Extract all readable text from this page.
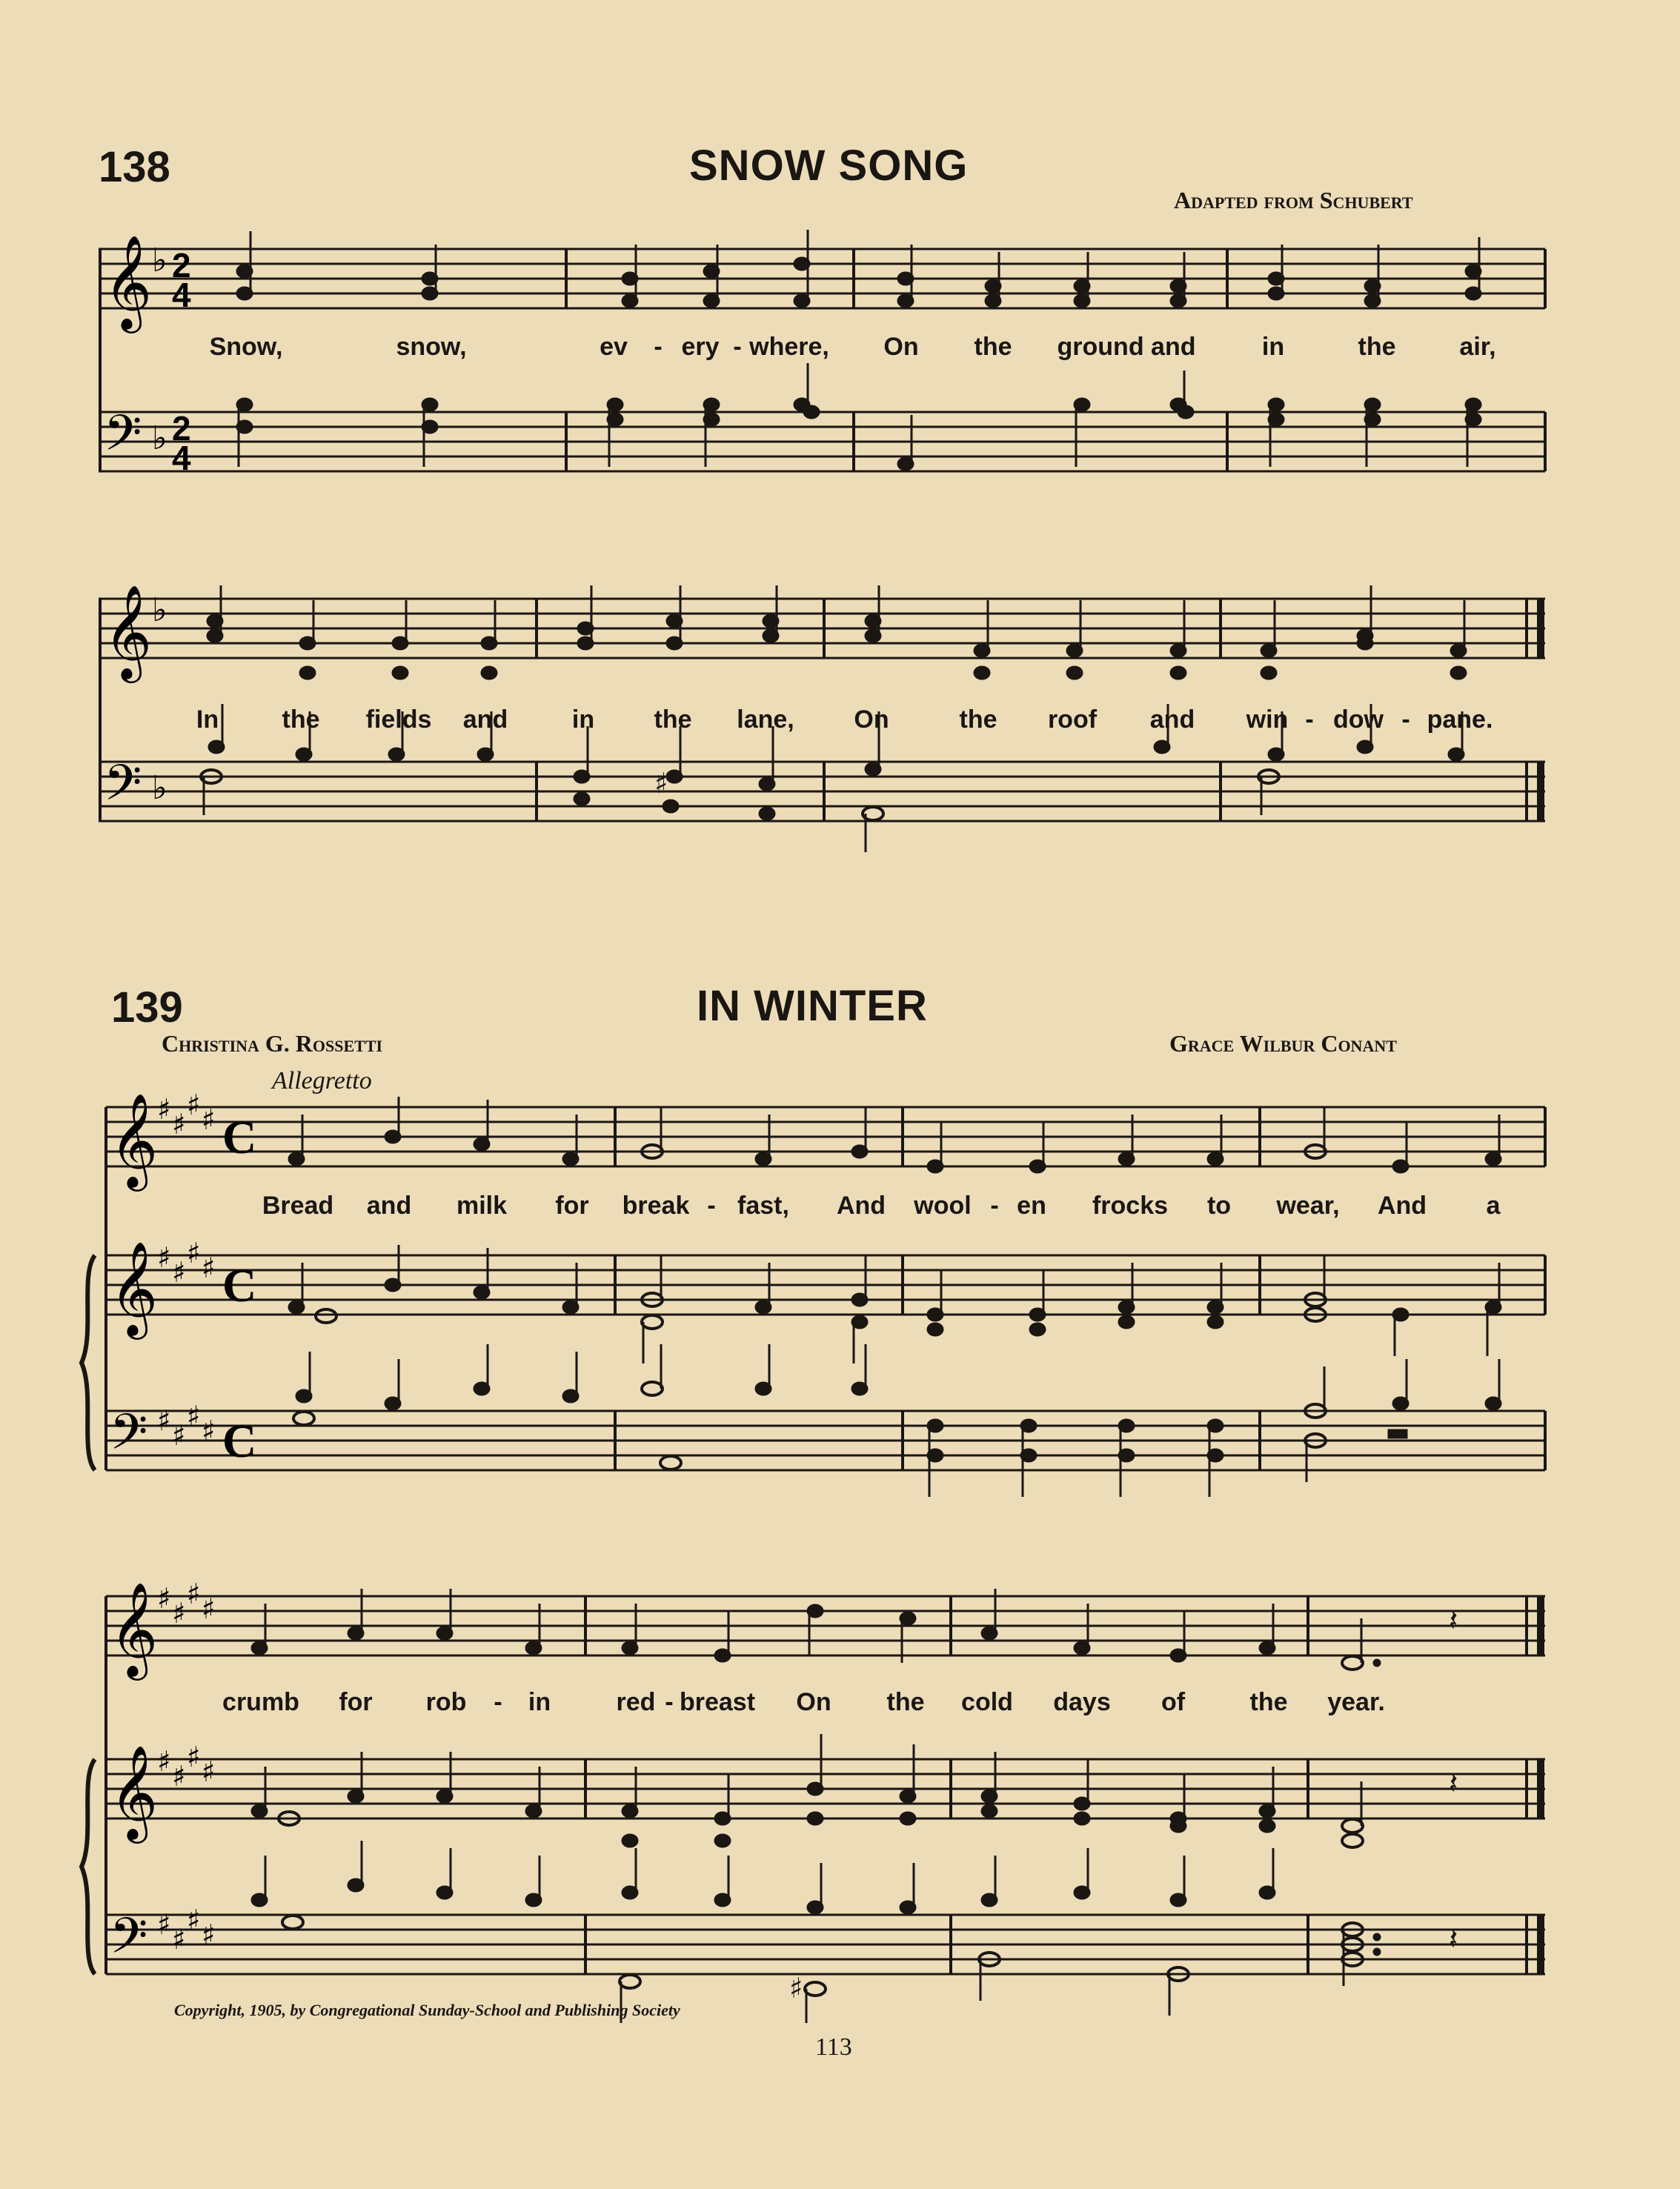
138	SNOW SONG
Adapted from Schubert
𝄞
𝄢
♭
♭
2
4
2
4
Snow,	snow,	ev - ery - where, On the ground and	in	the	air,
𝄞
𝄢
♭
♭	♯
In	the fields and	in the lane, On	the roof and win - dow - pane.
139	IN WINTER
Christina G. Rossetti	Grace Wilbur Conant
Allegretto
𝄞
𝄞
𝄢
♯ ♯
♯ ♯
♯ ♯
♯ ♯
♯ ♯
♯ ♯
C
C
C
Bread and milk for break - fast, And wool - en frocks to wear, And a
𝄞
𝄞
𝄢
♯ ♯
♯ ♯
♯ ♯
♯ ♯
♯ ♯
♯ ♯
𝄽
𝄽
♯
𝄽
crumb for rob - in	red - breast On the cold days of	the year.
Copyright, 1905, by Congregational Sunday-School and Publishing Society
113
